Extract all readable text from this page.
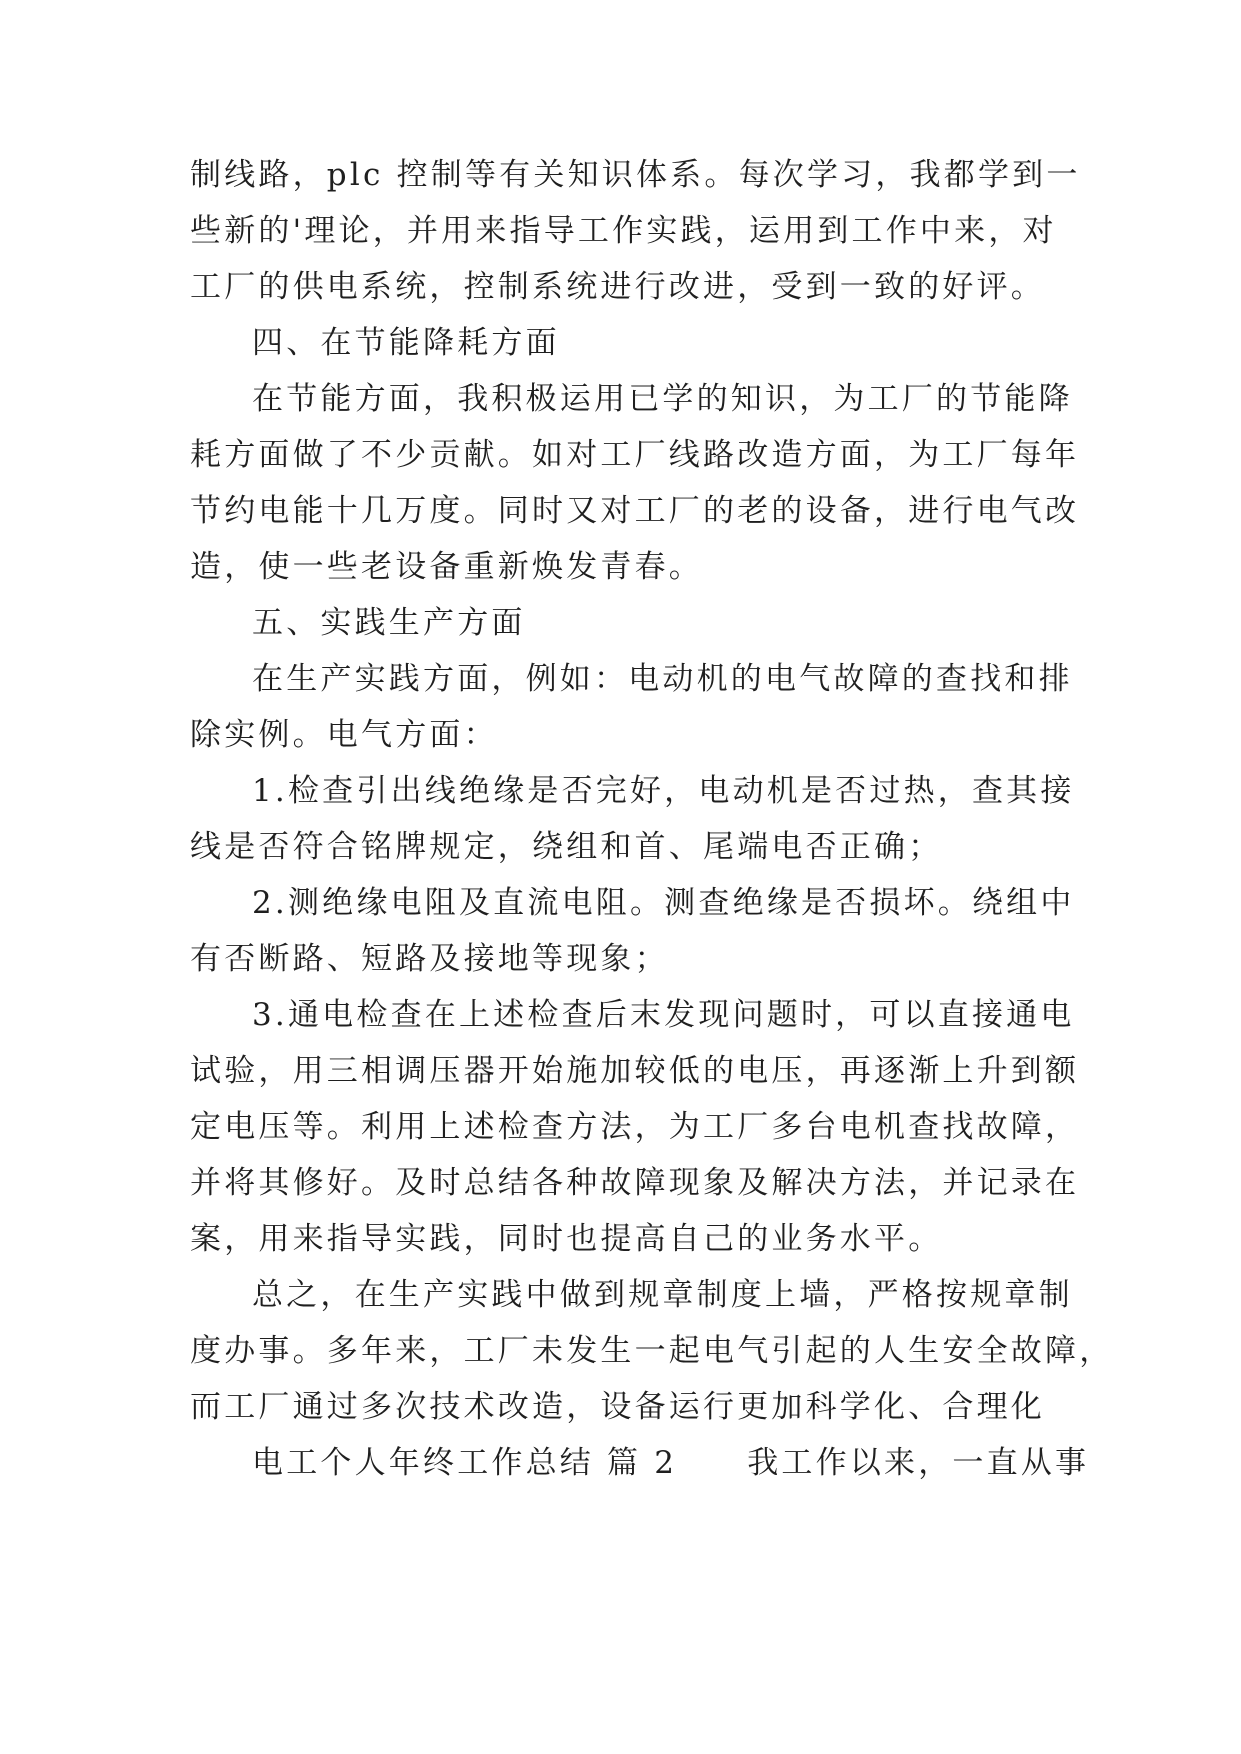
制线路，plc 控制等有关知识体系。每次学习，我都学到一
些新的'理论，并用来指导工作实践，运用到工作中来，对
工厂的供电系统，控制系统进行改进，受到一致的好评。
四、在节能降耗方面
在节能方面，我积极运用已学的知识，为工厂的节能降
耗方面做了不少贡献。如对工厂线路改造方面，为工厂每年
节约电能十几万度。同时又对工厂的老的设备，进行电气改
造，使一些老设备重新焕发青春。
五、实践生产方面
在生产实践方面，例如：电动机的电气故障的查找和排
除实例。电气方面：
1.检查引出线绝缘是否完好，电动机是否过热，查其接
线是否符合铭牌规定，绕组和首、尾端电否正确；
2.测绝缘电阻及直流电阻。测查绝缘是否损坏。绕组中
有否断路、短路及接地等现象；
3.通电检查在上述检查后末发现问题时，可以直接通电
试验，用三相调压器开始施加较低的电压，再逐渐上升到额
定电压等。利用上述检查方法，为工厂多台电机查找故障，
并将其修好。及时总结各种故障现象及解决方法，并记录在
案，用来指导实践，同时也提高自己的业务水平。
总之，在生产实践中做到规章制度上墙，严格按规章制
度办事。多年来，工厂未发生一起电气引起的人生安全故障，
而工厂通过多次技术改造，设备运行更加科学化、合理化
电工个人年终工作总结 篇 2 我工作以来，一直从事
